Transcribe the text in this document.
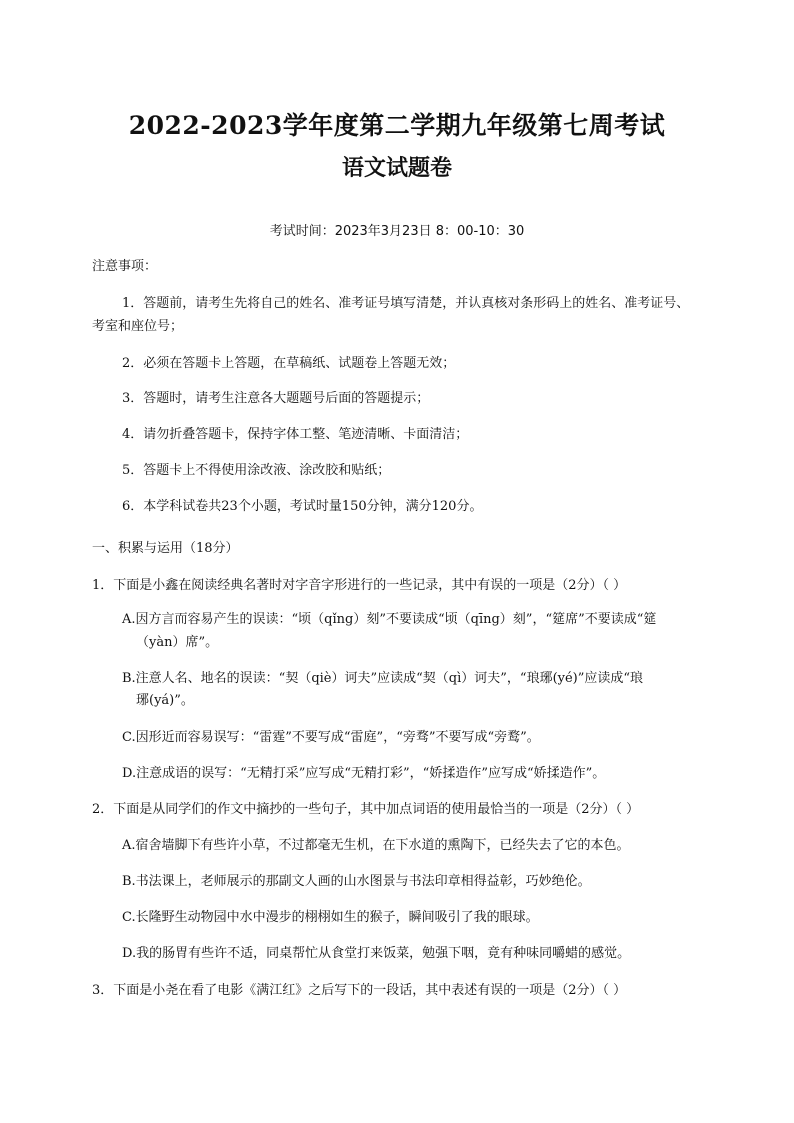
2022-2023学年度第二学期九年级第七周考试
语文试题卷
考试时间：2023年3月23日 8：00-10：30
注意事项：
1．答题前，请考生先将自己的姓名、准考证号填写清楚，并认真核对条形码上的姓名、准考证号、
考室和座位号；
2．必须在答题卡上答题，在草稿纸、试题卷上答题无效；
3．答题时，请考生注意各大题题号后面的答题提示；
4．请勿折叠答题卡，保持字体工整、笔迹清晰、卡面清洁；
5．答题卡上不得使用涂改液、涂改胶和贴纸；
6．本学科试卷共23个小题，考试时量150分钟，满分120分。
一、积累与运用（18分）
1．下面是小鑫在阅读经典名著时对字音字形进行的一些记录，其中有误的一项是（2分）（ ）
A.因方言而容易产生的误读：“顷（qǐng）刻”不要读成“顷（qīng）刻”，“筵席”不要读成“筵
（yàn）席”。
B.注意人名、地名的误读：“契（qiè）诃夫”应读成“契（qì）诃夫”，“琅琊(yé)”应读成“琅
琊(yá)”。
C.因形近而容易误写：“雷霆”不要写成“雷庭”，“旁骛”不要写成“旁鹜”。
D.注意成语的误写：“无精打采”应写成“无精打彩”，“娇揉造作”应写成“娇揉造作”。
2．下面是从同学们的作文中摘抄的一些句子，其中加点词语的使用最恰当的一项是（2分）（ ）
A.宿舍墙脚下有些许小草，不过都毫无生机，在下水道的熏陶下，已经失去了它的本色。
B.书法课上，老师展示的那副文人画的山水图景与书法印章相得益彰，巧妙绝伦。
C.长隆野生动物园中水中漫步的栩栩如生的猴子，瞬间吸引了我的眼球。
D.我的肠胃有些许不适，同桌帮忙从食堂打来饭菜，勉强下咽，竟有种味同嚼蜡的感觉。
3．下面是小尧在看了电影《满江红》之后写下的一段话，其中表述有误的一项是（2分）（ ）
